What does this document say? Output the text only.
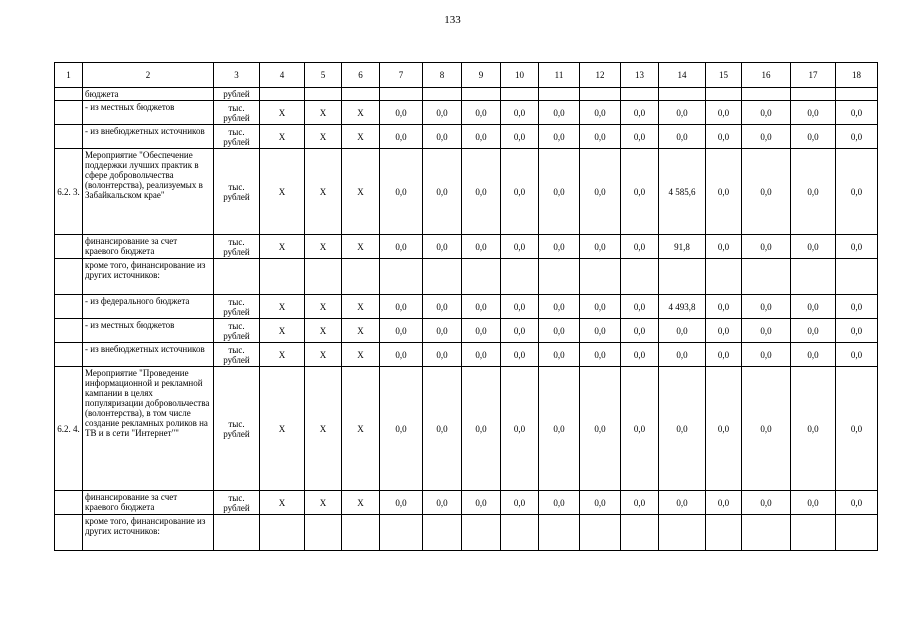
133
1	2	3	4	5	6	7	8	9	10	11	12	13	14	15	16	17	18
	бюджета	рублей															
	- из местных бюджетов	тыс. рублей	X	X	X	0,0	0,0	0,0	0,0	0,0	0,0	0,0	0,0	0,0	0,0	0,0	0,0
	- из внебюджетных источников	тыс. рублей	X	X	X	0,0	0,0	0,0	0,0	0,0	0,0	0,0	0,0	0,0	0,0	0,0	0,0
6.2. 3.	Мероприятие "Обеспечение поддержки лучших практик в сфере добровольчества (волонтерства), реализуемых в Забайкальском крае"	тыс. рублей	X	X	X	0,0	0,0	0,0	0,0	0,0	0,0	0,0	4 585,6	0,0	0,0	0,0	0,0
	финансирование за счет краевого бюджета	тыс. рублей	X	X	X	0,0	0,0	0,0	0,0	0,0	0,0	0,0	91,8	0,0	0,0	0,0	0,0
	кроме того, финансирование из других источников:																
	- из федерального бюджета	тыс. рублей	X	X	X	0,0	0,0	0,0	0,0	0,0	0,0	0,0	4 493,8	0,0	0,0	0,0	0,0
	- из местных бюджетов	тыс. рублей	X	X	X	0,0	0,0	0,0	0,0	0,0	0,0	0,0	0,0	0,0	0,0	0,0	0,0
	- из внебюджетных источников	тыс. рублей	X	X	X	0,0	0,0	0,0	0,0	0,0	0,0	0,0	0,0	0,0	0,0	0,0	0,0
6.2. 4.	Мероприятие "Проведение информационной и рекламной кампании в целях популяризации добровольчества (волонтерства), в том числе создание рекламных роликов на ТВ и в сети "Интернет""	тыс. рублей	X	X	X	0,0	0,0	0,0	0,0	0,0	0,0	0,0	0,0	0,0	0,0	0,0	0,0
	финансирование за счет краевого бюджета	тыс. рублей	X	X	X	0,0	0,0	0,0	0,0	0,0	0,0	0,0	0,0	0,0	0,0	0,0	0,0
	кроме того, финансирование из других источников:																
